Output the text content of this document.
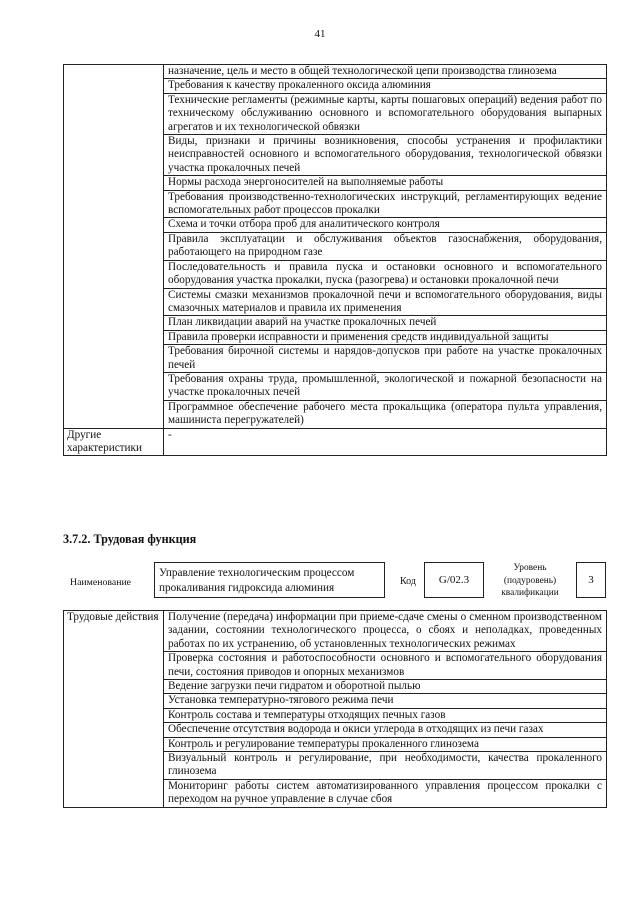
41
	назначение, цель и место в общей технологической цепи производства глинозема
	Требования к качеству прокаленного оксида алюминия
	Технические регламенты (режимные карты, карты пошаговых операций) ведения работ по техническому обслуживанию основного и вспомогательного оборудования выпарных агрегатов и их технологической обвязки
	Виды, признаки и причины возникновения, способы устранения и профилактики неисправностей основного и вспомогательного оборудования, технологической обвязки участка прокалочных печей
	Нормы расхода энергоносителей на выполняемые работы
	Требования производственно-технологических инструкций, регламентирующих ведение вспомогательных работ процессов прокалки
	Схема и точки отбора проб для аналитического контроля
	Правила эксплуатации и обслуживания объектов газоснабжения, оборудования, работающего на природном газе
	Последовательность и правила пуска и остановки основного и вспомогательного оборудования участка прокалки, пуска (разогрева) и остановки прокалочной печи
	Системы смазки механизмов прокалочной печи и вспомогательного оборудования, виды смазочных материалов и правила их применения
	План ликвидации аварий на участке прокалочных печей
	Правила проверки исправности и применения средств индивидуальной защиты
	Требования бирочной системы и нарядов-допусков при работе на участке прокалочных печей
	Требования охраны труда, промышленной, экологической и пожарной безопасности на участке прокалочных печей
	Программное обеспечение рабочего места прокальщика (оператора пульта управления, машиниста перегружателей)
Другие характеристики	-
3.7.2. Трудовая функция
Наименование
Управление технологическим процессом прокаливания гидроксида алюминия	Код	G/02.3
Уровень (подуровень) квалификации
3
Трудовые действия	Получение (передача) информации при приеме-сдаче смены о сменном производственном задании, состоянии технологического процесса, о сбоях и неполадках, проведенных работах по их устранению, об установленных технологических режимах
Проверка состояния и работоспособности основного и вспомогательного оборудования печи, состояния приводов и опорных механизмов
Ведение загрузки печи гидратом и оборотной пылью
Установка температурно-тягового режима печи
Контроль состава и температуры отходящих печных газов
Обеспечение отсутствия водорода и окиси углерода в отходящих из печи газах
Контроль и регулирование температуры прокаленного глинозема
Визуальный контроль и регулирование, при необходимости, качества прокаленного глинозема
Мониторинг работы систем автоматизированного управления процессом прокалки с переходом на ручное управление в случае сбоя
